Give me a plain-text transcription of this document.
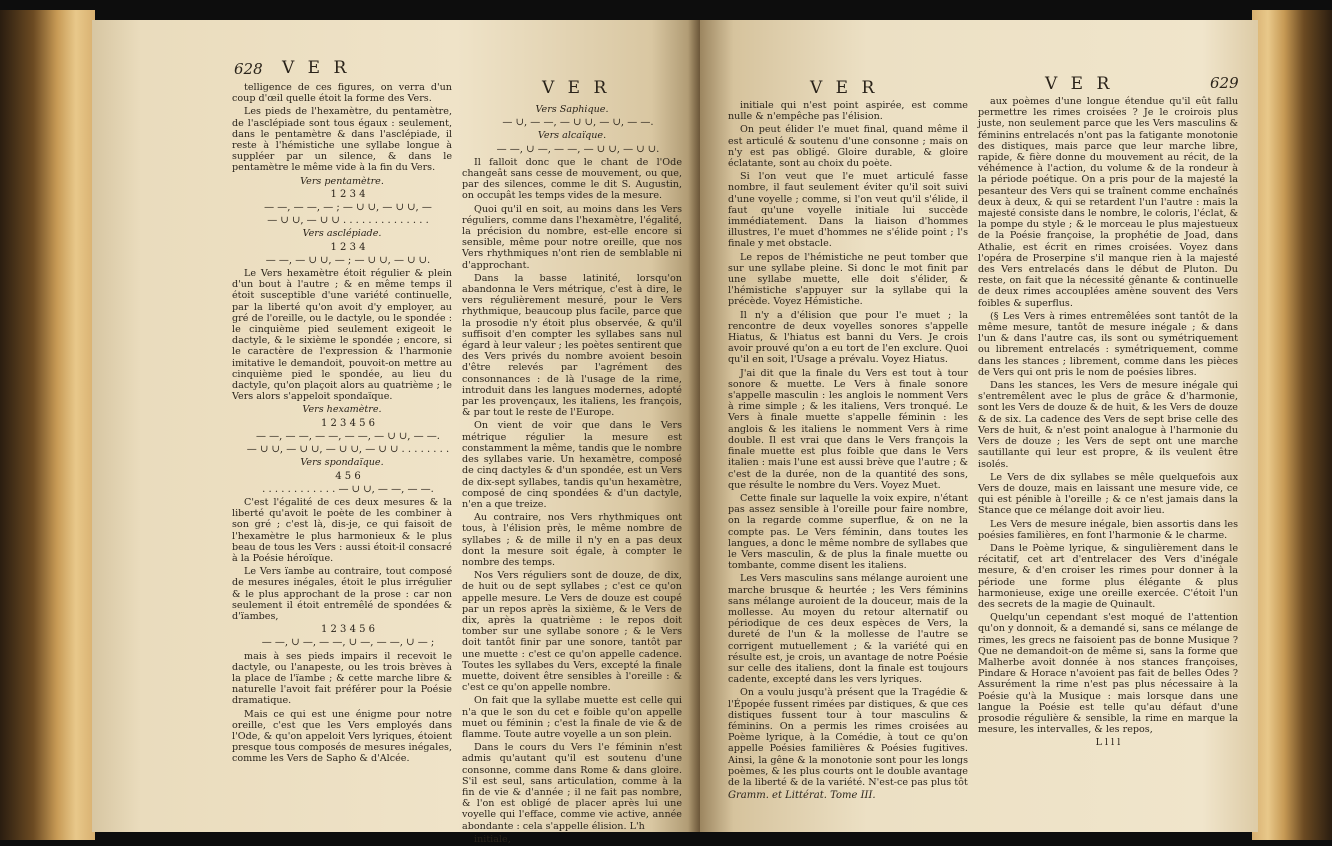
628 V E R
V E R

telligence de ces figures, on verra d'un coup d'œil quelle étoit la forme des Vers.

Les pieds de l'hexamètre, du pentamètre, de l'asclépiade sont tous égaux : seulement, dans le pentamètre & dans l'asclépiade, il reste à l'hémistiche une syllabe longue à suppléer par un silence, & dans le pentamètre le même vide à la fin du Vers.

Vers pentamètre.

1 2 3 4

— —, — —, — ; — ∪ ∪, — ∪ ∪, —

— ∪ ∪, — ∪ ∪ . . . . . . . . . . . . . .

Vers asclépiade.

1 2 3 4

— —, — ∪ ∪, — ; — ∪ ∪, — ∪ ∪.

Le Vers hexamètre étoit régulier & plein d'un bout à l'autre ; & en même temps il étoit susceptible d'une variété continuelle, par la liberté qu'on avoit d'y employer, au gré de l'oreille, ou le dactyle, ou le spondée : le cinquième pied seulement exigeoit le dactyle, & le sixième le spondée ; encore, si le caractère de l'expression & l'harmonie imitative le demandoit, pouvoit-on mettre au cinquième pied le spondée, au lieu du dactyle, qu'on plaçoit alors au quatrième ; le Vers alors s'appeloit spondaïque.

Vers hexamètre.

1 2 3 4 5 6

— —, — —, — —, — —, — ∪ ∪, — —.

— ∪ ∪, — ∪ ∪, — ∪ ∪, — ∪ ∪ . . . . . . . .

Vers spondaïque.

4 5 6

. . . . . . . . . . . . — ∪ ∪, — —, — —.

C'est l'égalité de ces deux mesures & la liberté qu'avoit le poète de les combiner à son gré ; c'est là, dis-je, ce qui faisoit de l'hexamètre le plus harmonieux & le plus beau de tous les Vers : aussi étoit-il consacré à la Poésie héroïque.

Le Vers ïambe au contraire, tout composé de mesures inégales, étoit le plus irrégulier & le plus approchant de la prose : car non seulement il étoit entremêlé de spondées & d'ïambes,

1 2 3 4 5 6

— —, ∪ —, — —, ∪ —, — —, ∪ — ;

mais à ses pieds impairs il recevoit le dactyle, ou l'anapeste, ou les trois brèves à la place de l'ïambe ; & cette marche libre & naturelle l'avoit fait préférer pour la Poésie dramatique.

Mais ce qui est une énigme pour notre oreille, c'est que les Vers employés dans l'Ode, & qu'on appeloit Vers lyriques, étoient presque tous composés de mesures inégales, comme les Vers de Sapho & d'Alcée.

Vers Saphique.

— ∪, — —, — ∪ ∪, — ∪, — —.

Vers alcaïque.

— —, ∪ —, — —, — ∪ ∪, — ∪ ∪.

Il falloit donc que le chant de l'Ode changeât sans cesse de mouvement, ou que, par des silences, comme le dit S. Augustin, on occupât les temps vides de la mesure.

Quoi qu'il en soit, au moins dans les Vers réguliers, comme dans l'hexamètre, l'égalité, la précision du nombre, est-elle encore si sensible, même pour notre oreille, que nos Vers rhythmiques n'ont rien de semblable ni d'approchant.

Dans la basse latinité, lorsqu'on abandonna le Vers métrique, c'est à dire, le vers régulièrement mesuré, pour le Vers rhythmique, beaucoup plus facile, parce que la prosodie n'y étoit plus observée, & qu'il suffisoit d'en compter les syllabes sans nul égard à leur valeur ; les poètes sentirent que des Vers privés du nombre avoient besoin d'être relevés par l'agrément des consonnances : de là l'usage de la rime, introduit dans les langues modernes, adopté par les provençaux, les italiens, les françois, & par tout le reste de l'Europe.

On vient de voir que dans le Vers métrique régulier la mesure est constamment la même, tandis que le nombre des syllabes varie. Un hexamètre, composé de cinq dactyles & d'un spondée, est un Vers de dix-sept syllabes, tandis qu'un hexamètre, composé de cinq spondées & d'un dactyle, n'en a que treize.

Au contraire, nos Vers rhythmiques ont tous, à l'élision près, le même nombre de syllabes ; & de mille il n'y en a pas deux dont la mesure soit égale, à compter le nombre des temps.

Nos Vers réguliers sont de douze, de dix, de huit ou de sept syllabes ; c'est ce qu'on appelle mesure. Le Vers de douze est coupé par un repos après la sixième, & le Vers de dix, après la quatrième : le repos doit tomber sur une syllabe sonore ; & le Vers doit tantôt finir par une sonore, tantôt par une muette : c'est ce qu'on appelle cadence. Toutes les syllabes du Vers, excepté la finale muette, doivent être sensibles à l'oreille : & c'est ce qu'on appelle nombre.

On fait que la syllabe muette est celle qui n'a que le son du cet e foible qu'on appelle muet ou féminin ; c'est la finale de vie & de flamme. Toute autre voyelle a un son plein.

Dans le cours du Vers l'e féminin n'est admis qu'autant qu'il est soutenu d'une consonne, comme dans Rome & dans gloire. S'il est seul, sans articulation, comme à la fin de vie & d'année ; il ne fait pas nombre, & l'on est obligé de placer après lui une voyelle qui l'efface, comme vie active, année abondante : cela s'appelle élision. L'h

initiale,

V E R	V E R	629

initiale qui n'est point aspirée, est comme nulle & n'empêche pas l'élision.

On peut élider l'e muet final, quand même il est articulé & soutenu d'une consonne ; mais on n'y est pas obligé. Gloire durable, & gloire éclatante, sont au choix du poète.

Si l'on veut que l'e muet articulé fasse nombre, il faut seulement éviter qu'il soit suivi d'une voyelle ; comme, si l'on veut qu'il s'élide, il faut qu'une voyelle initiale lui succède immédiatement. Dans la liaison d'hommes illustres, l'e muet d'hommes ne s'élide point ; l's finale y met obstacle.

Le repos de l'hémistiche ne peut tomber que sur une syllabe pleine. Si donc le mot finit par une syllabe muette, elle doit s'élider, & l'hémistiche s'appuyer sur la syllabe qui la précède. Voyez Hémistiche.

Il n'y a d'élision que pour l'e muet ; la rencontre de deux voyelles sonores s'appelle Hiatus, & l'hiatus est banni du Vers. Je crois avoir prouvé qu'on a eu tort de l'en exclure. Quoi qu'il en soit, l'Usage a prévalu. Voyez Hiatus.

J'ai dit que la finale du Vers est tout à tour sonore & muette. Le Vers à finale sonore s'appelle masculin : les anglois le nomment Vers à rime simple ; & les italiens, Vers tronqué. Le Vers à finale muette s'appelle féminin : les anglois & les italiens le nomment Vers à rime double. Il est vrai que dans le Vers françois la finale muette est plus foible que dans le Vers italien : mais l'une est aussi brève que l'autre ; & c'est de la durée, non de la quantité des sons, que résulte le nombre du Vers. Voyez Muet.

Cette finale sur laquelle la voix expire, n'étant pas assez sensible à l'oreille pour faire nombre, on la regarde comme superflue, & on ne la compte pas. Le Vers féminin, dans toutes les langues, a donc le même nombre de syllabes que le Vers masculin, & de plus la finale muette ou tombante, comme disent les italiens.

Les Vers masculins sans mélange auroient une marche brusque & heurtée ; les Vers féminins sans mélange auroient de la douceur, mais de la mollesse. Au moyen du retour alternatif ou périodique de ces deux espèces de Vers, la dureté de l'un & la mollesse de l'autre se corrigent mutuellement ; & la variété qui en résulte est, je crois, un avantage de notre Poésie sur celle des italiens, dont la finale est toujours cadente, excepté dans les vers lyriques.

On a voulu jusqu'à présent que la Tragédie & l'Épopée fussent rimées par distiques, & que ces distiques fussent tour à tour masculins & féminins. On a permis les rimes croisées au Poème lyrique, à la Comédie, à tout ce qu'on appelle Poésies familières & Poésies fugitives. Ainsi, la gêne & la monotonie sont pour les longs poèmes, & les plus courts ont le double avantage de la liberté & de la variété. N'est-ce pas plus tôt

Gramm. et Littérat. Tome III.

aux poèmes d'une longue étendue qu'il eût fallu permettre les rimes croisées ? Je le croirois plus juste, non seulement parce que les Vers masculins & féminins entrelacés n'ont pas la fatigante monotonie des distiques, mais parce que leur marche libre, rapide, & fière donne du mouvement au récit, de la véhémence à l'action, du volume & de la rondeur à la période poétique. On a pris pour de la majesté la pesanteur des Vers qui se traînent comme enchaînés deux à deux, & qui se retardent l'un l'autre : mais la majesté consiste dans le nombre, le coloris, l'éclat, & la pompe du style ; & le morceau le plus majestueux de la Poésie françoise, la prophétie de Joad, dans Athalie, est écrit en rimes croisées. Voyez dans l'opéra de Proserpine s'il manque rien à la majesté des Vers entrelacés dans le début de Pluton. Du reste, on fait que la nécessité gênante & continuelle de deux rimes accouplées amène souvent des Vers foibles & superflus.

(§ Les Vers à rimes entremêlées sont tantôt de la même mesure, tantôt de mesure inégale ; & dans l'un & dans l'autre cas, ils sont ou symétriquement ou librement entrelacés : symétriquement, comme dans les stances ; librement, comme dans les pièces de Vers qui ont pris le nom de poésies libres.

Dans les stances, les Vers de mesure inégale qui s'entremêlent avec le plus de grâce & d'harmonie, sont les Vers de douze & de huit, & les Vers de douze & de six. La cadence des Vers de sept brise celle des Vers de huit, & n'est point analogue à l'harmonie du Vers de douze ; les Vers de sept ont une marche sautillante qui leur est propre, & ils veulent être isolés.

Le Vers de dix syllabes se mêle quelquefois aux Vers de douze, mais en laissant une mesure vide, ce qui est pénible à l'oreille ; & ce n'est jamais dans la Stance que ce mélange doit avoir lieu.

Les Vers de mesure inégale, bien assortis dans les poésies familières, en font l'harmonie & le charme.

Dans le Poème lyrique, & singulièrement dans le récitatif, cet art d'entrelacer des Vers d'inégale mesure, & d'en croiser les rimes pour donner à la période une forme plus élégante & plus harmonieuse, exige une oreille exercée. C'étoit l'un des secrets de la magie de Quinault.

Quelqu'un cependant s'est moqué de l'attention qu'on y donnoit, & a demandé si, sans ce mélange de rimes, les grecs ne faisoient pas de bonne Musique ? Que ne demandoit-on de même si, sans la forme que Malherbe avoit donnée à nos stances françoises, Pindare & Horace n'avoient pas fait de belles Odes ? Assurément la rime n'est pas plus nécessaire à la Poésie qu'à la Musique : mais lorsque dans une langue la Poésie est telle qu'au défaut d'une prosodie régulière & sensible, la rime en marque la mesure, les intervalles, & les repos,

L l l l
